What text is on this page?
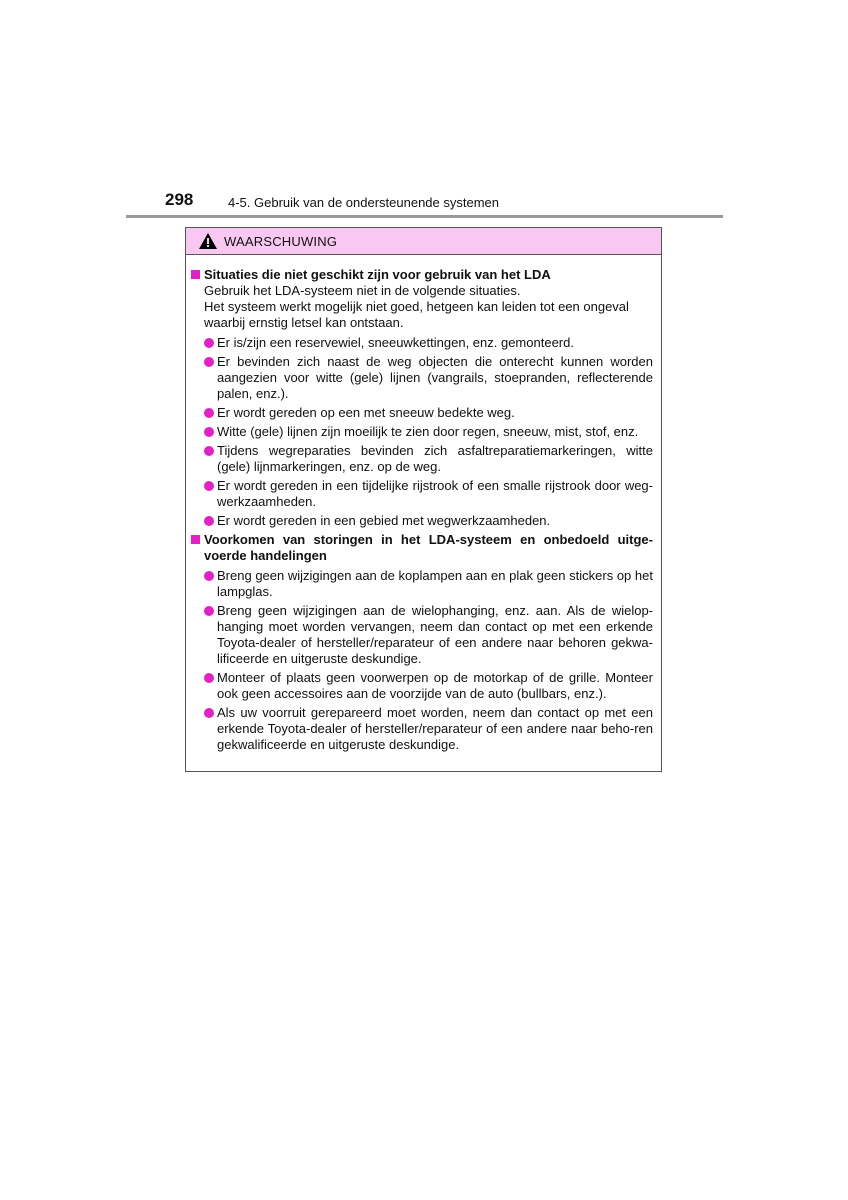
298	4-5. Gebruik van de ondersteunende systemen
WAARSCHUWING
Situaties die niet geschikt zijn voor gebruik van het LDA
Gebruik het LDA-systeem niet in de volgende situaties.
Het systeem werkt mogelijk niet goed, hetgeen kan leiden tot een ongeval waarbij ernstig letsel kan ontstaan.
Er is/zijn een reservewiel, sneeuwkettingen, enz. gemonteerd.
Er bevinden zich naast de weg objecten die onterecht kunnen worden aangezien voor witte (gele) lijnen (vangrails, stoepranden, reflecterende palen, enz.).
Er wordt gereden op een met sneeuw bedekte weg.
Witte (gele) lijnen zijn moeilijk te zien door regen, sneeuw, mist, stof, enz.
Tijdens wegreparaties bevinden zich asfaltreparatiemarkeringen, witte (gele) lijnmarkeringen, enz. op de weg.
Er wordt gereden in een tijdelijke rijstrook of een smalle rijstrook door weg-werkzaamheden.
Er wordt gereden in een gebied met wegwerkzaamheden.
Voorkomen van storingen in het LDA-systeem en onbedoeld uitge-voerde handelingen
Breng geen wijzigingen aan de koplampen aan en plak geen stickers op het lampglas.
Breng geen wijzigingen aan de wielophanging, enz. aan. Als de wielop-hanging moet worden vervangen, neem dan contact op met een erkende Toyota-dealer of hersteller/reparateur of een andere naar behoren gekwa-lificeerde en uitgeruste deskundige.
Monteer of plaats geen voorwerpen op de motorkap of de grille. Monteer ook geen accessoires aan de voorzijde van de auto (bullbars, enz.).
Als uw voorruit gerepareerd moet worden, neem dan contact op met een erkende Toyota-dealer of hersteller/reparateur of een andere naar beho-ren gekwalificeerde en uitgeruste deskundige.
